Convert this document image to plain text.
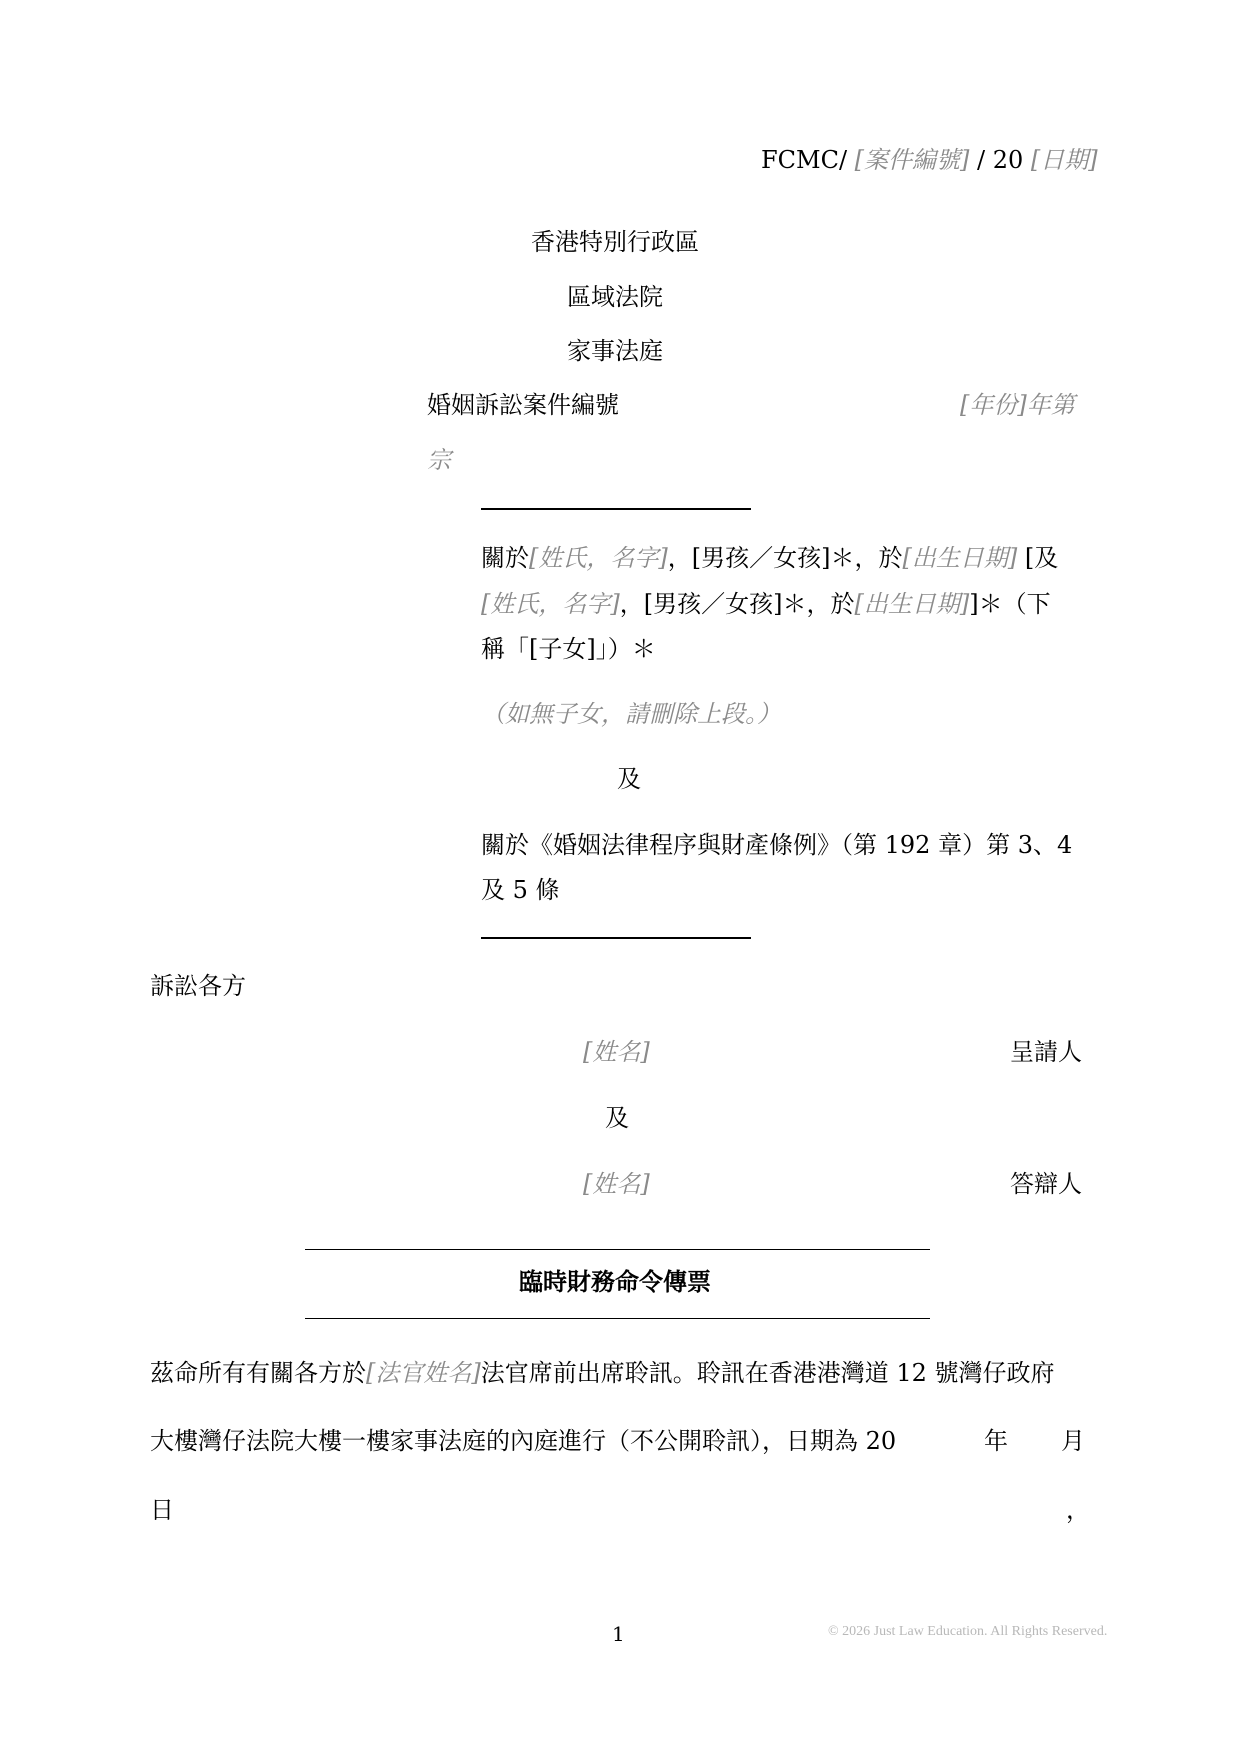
FCMC/ [案件編號] / 20 [日期]
香港特別行政區
區域法院
家事法庭
婚姻訴訟案件編號	[年份]年第
宗
關於[姓氏，名字]，[男孩／女孩]＊，於[出生日期] [及
[姓氏，名字]，[男孩／女孩]＊，於[出生日期]]＊（下
稱「[子女]」）＊
（如無子女，請刪除上段。）
及
關於《婚姻法律程序與財產條例》（第 192 章）第 3、4
及 5 條
訴訟各方
[姓名]	呈請人
及
[姓名]	答辯人
臨時財務命令傳票
茲命所有有關各方於[法官姓名]法官席前出席聆訊。聆訊在香港港灣道 12 號灣仔政府
大樓灣仔法院大樓一樓家事法庭的內庭進行（不公開聆訊），日期為 20	年 月
日	，
1	© 2026 Just Law Education. All Rights Reserved.
